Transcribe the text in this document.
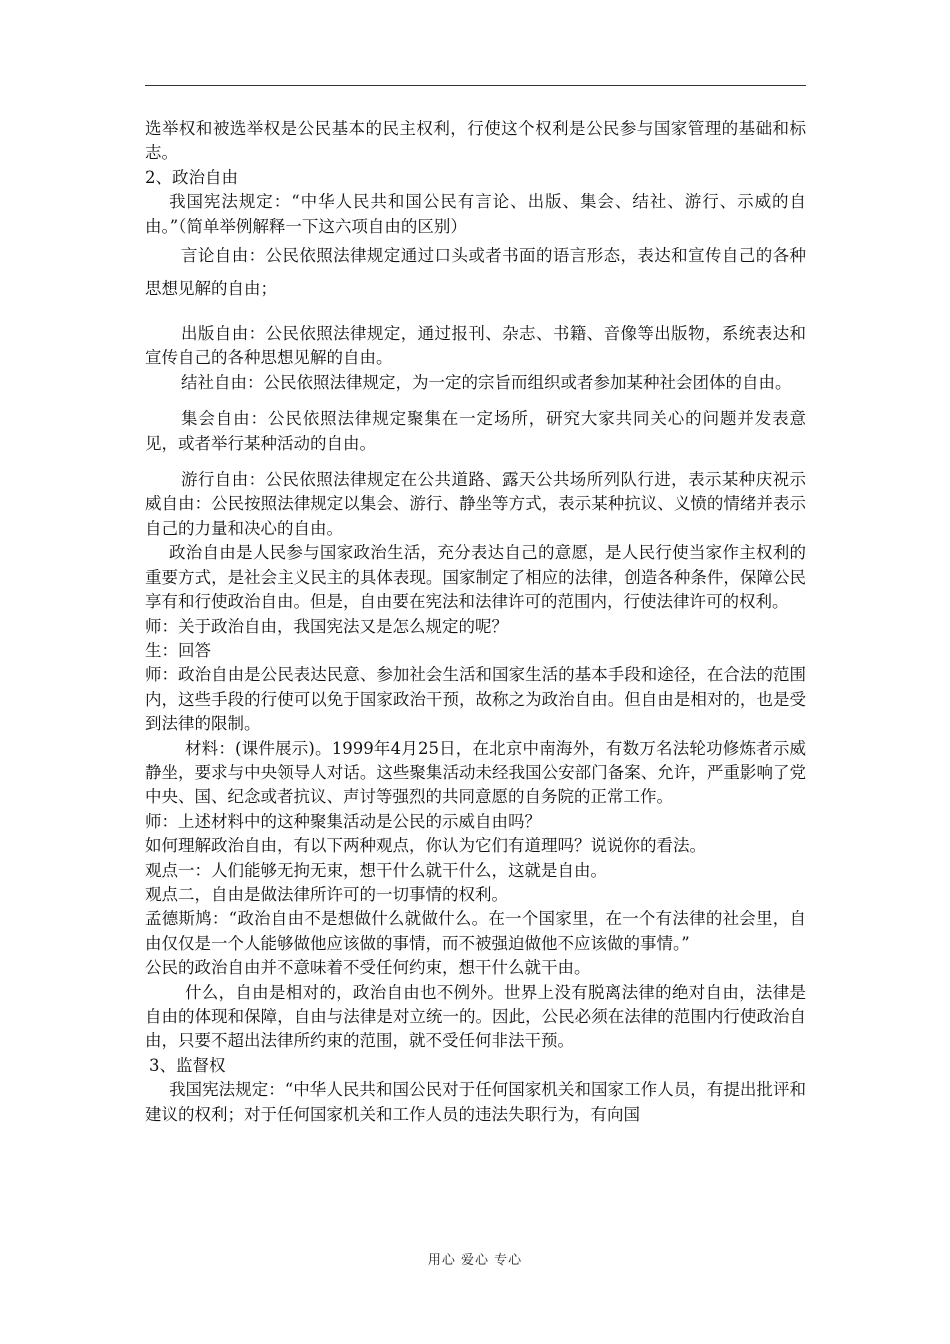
选举权和被选举权是公民基本的民主权利，行使这个权利是公民参与国家管理的基础和标志。

2、政治自由

我国宪法规定：“中华人民共和国公民有言论、出版、集会、结社、游行、示威的自由。”（简单举例解释一下这六项自由的区别）

言论自由：公民依照法律规定通过口头或者书面的语言形态，表达和宣传自己的各种思想见解的自由；

出版自由：公民依照法律规定，通过报刊、杂志、书籍、音像等出版物，系统表达和宣传自己的各种思想见解的自由。

结社自由：公民依照法律规定，为一定的宗旨而组织或者参加某种社会团体的自由。

集会自由：公民依照法律规定聚集在一定场所，研究大家共同关心的问题并发表意见，或者举行某种活动的自由。

游行自由：公民依照法律规定在公共道路、露天公共场所列队行进，表示某种庆祝示威自由：公民按照法律规定以集会、游行、静坐等方式，表示某种抗议、义愤的情绪并表示自己的力量和决心的自由。

政治自由是人民参与国家政治生活，充分表达自己的意愿，是人民行使当家作主权利的重要方式，是社会主义民主的具体表现。国家制定了相应的法律，创造各种条件，保障公民享有和行使政治自由。但是，自由要在宪法和法律许可的范围内，行使法律许可的权利。

师：关于政治自由，我国宪法又是怎么规定的呢？

生：回答

师：政治自由是公民表达民意、参加社会生活和国家生活的基本手段和途径，在合法的范围内，这些手段的行使可以免于国家政治干预，故称之为政治自由。但自由是相对的，也是受到法律的限制。

材料：(课件展示)。1999年4月25日，在北京中南海外，有数万名法轮功修炼者示威静坐，要求与中央领导人对话。这些聚集活动未经我国公安部门备案、允许，严重影响了党中央、国、纪念或者抗议、声讨等强烈的共同意愿的自务院的正常工作。

师：上述材料中的这种聚集活动是公民的示威自由吗？

如何理解政治自由，有以下两种观点，你认为它们有道理吗？说说你的看法。

观点一：人们能够无拘无束，想干什么就干什么，这就是自由。

观点二，自由是做法律所许可的一切事情的权利。

孟德斯鸠：“政治自由不是想做什么就做什么。在一个国家里，在一个有法律的社会里，自由仅仅是一个人能够做他应该做的事情，而不被强迫做他不应该做的事情。”

公民的政治自由并不意味着不受任何约束，想干什么就干由。

什么，自由是相对的，政治自由也不例外。世界上没有脱离法律的绝对自由，法律是自由的体现和保障，自由与法律是对立统一的。因此，公民必须在法律的范围内行使政治自由，只要不超出法律所约束的范围，就不受任何非法干预。

3、监督权

我国宪法规定：“中华人民共和国公民对于任何国家机关和国家工作人员，有提出批评和建议的权利；对于任何国家机关和工作人员的违法失职行为，有向国

用心 爱心 专心
